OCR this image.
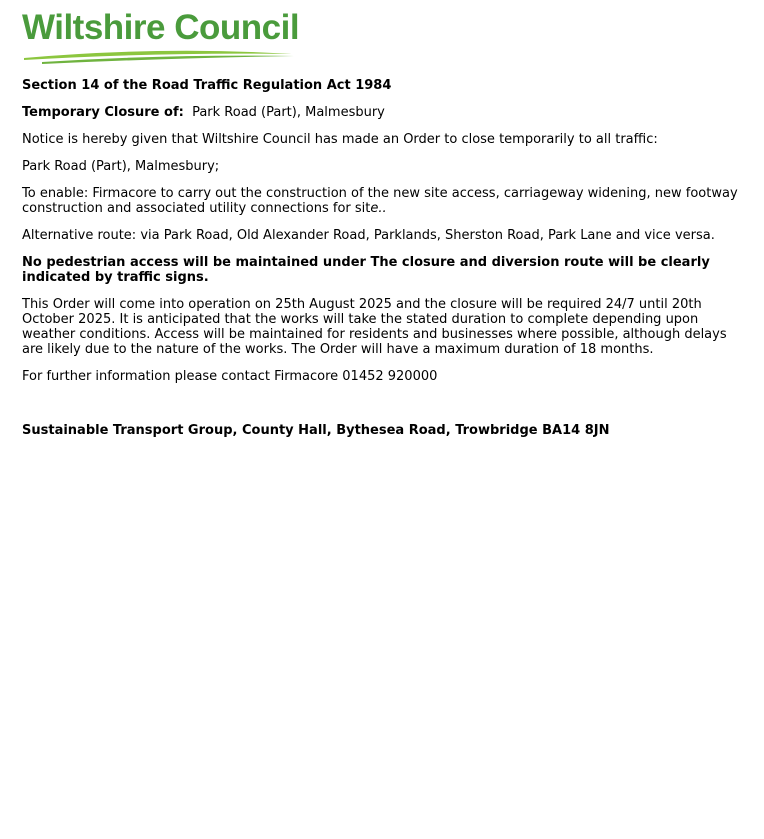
Wiltshire Council

Section 14 of the Road Traffic Regulation Act 1984

Temporary Closure of: Park Road (Part), Malmesbury

Notice is hereby given that Wiltshire Council has made an Order to close temporarily to all traffic:

Park Road (Part), Malmesbury;

To enable: Firmacore to carry out the construction of the new site access, carriageway widening, new footway construction and associated utility connections for site..

Alternative route: via Park Road, Old Alexander Road, Parklands, Sherston Road, Park Lane and vice versa.

No pedestrian access will be maintained under The closure and diversion route will be clearly indicated by traffic signs.

This Order will come into operation on 25th August 2025 and the closure will be required 24/7 until 20th October 2025. It is anticipated that the works will take the stated duration to complete depending upon weather conditions. Access will be maintained for residents and businesses where possible, although delays are likely due to the nature of the works. The Order will have a maximum duration of 18 months.

For further information please contact Firmacore 01452 920000

Sustainable Transport Group, County Hall, Bythesea Road, Trowbridge BA14 8JN
